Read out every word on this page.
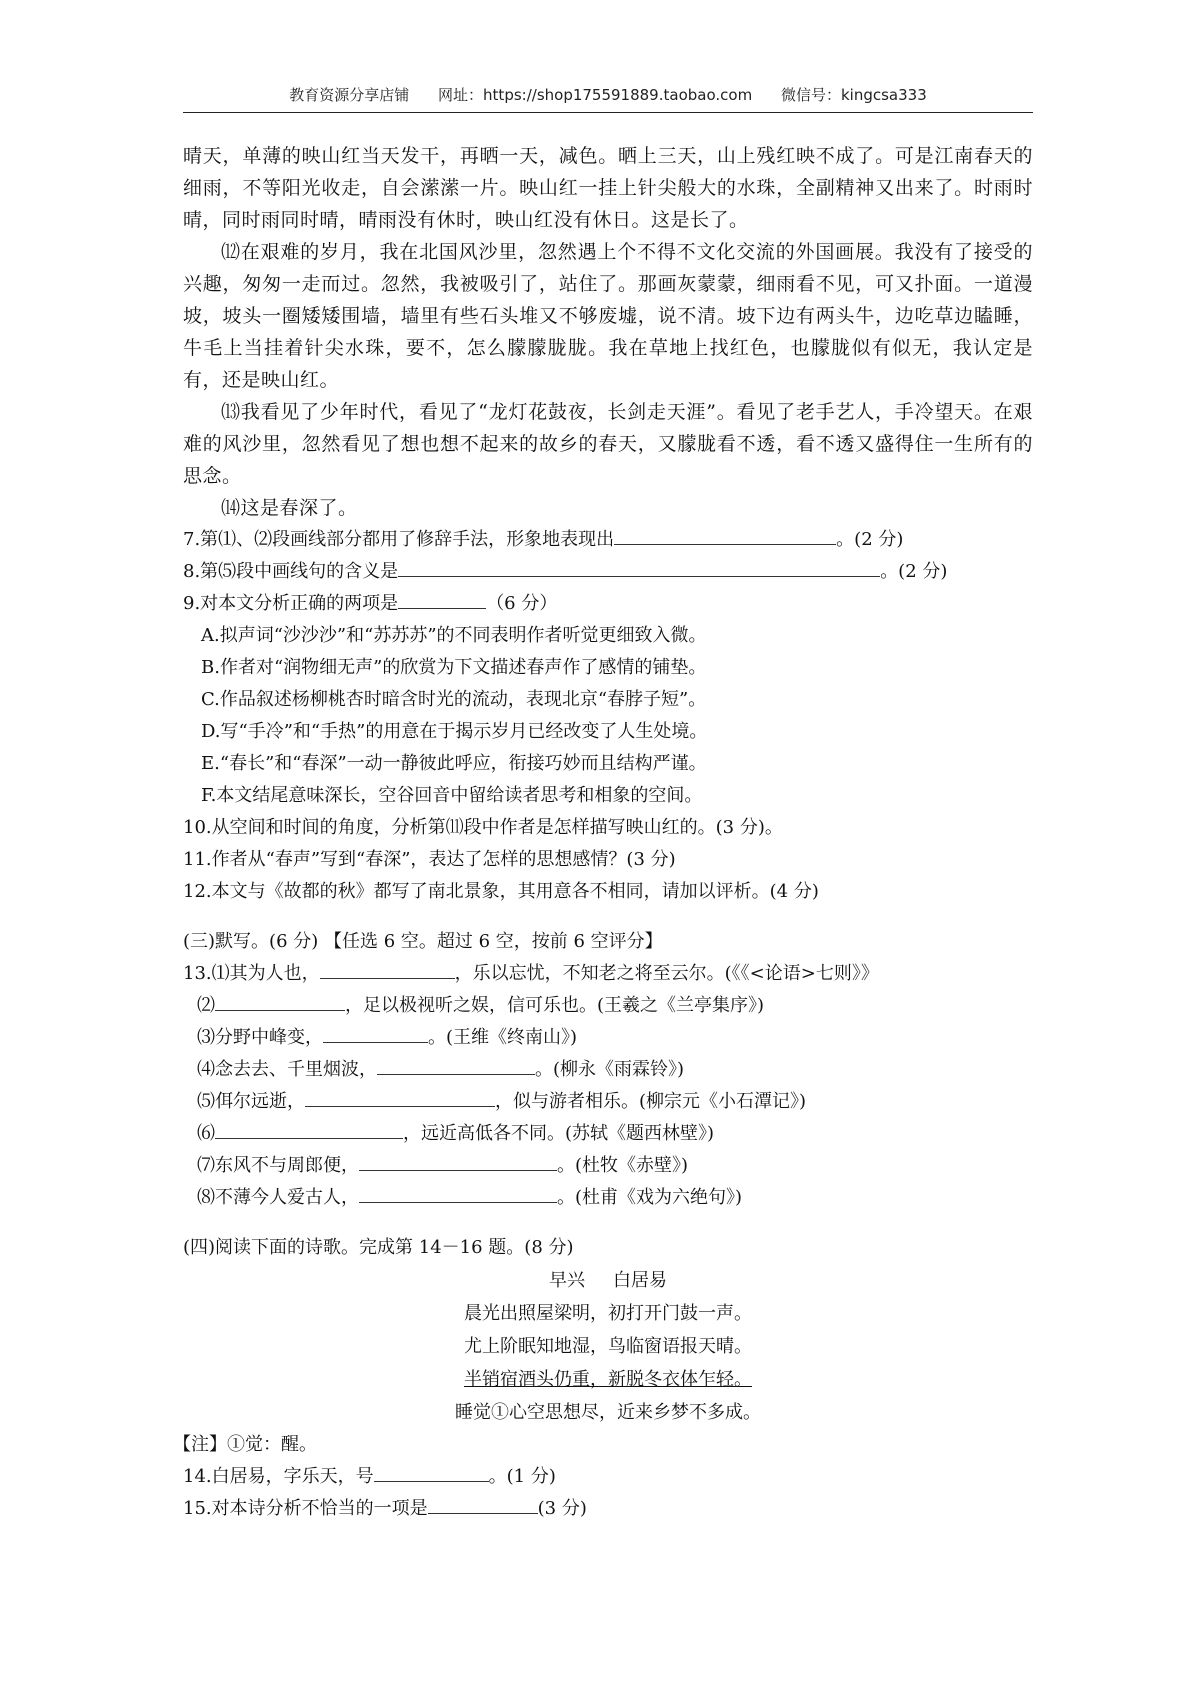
教育资源分享店铺 网址：https://shop175591889.taobao.com 微信号：kingcsa333

晴天，单薄的映山红当天发干，再晒一天，减色。晒上三天，山上残红映不成了。可是江南春天的细雨，不等阳光收走，自会潆潆一片。映山红一挂上针尖般大的水珠，全副精神又出来了。时雨时晴，同时雨同时晴，晴雨没有休时，映山红没有休日。这是长了。

⑿在艰难的岁月，我在北国风沙里，忽然遇上个不得不文化交流的外国画展。我没有了接受的兴趣，匆匆一走而过。忽然，我被吸引了，站住了。那画灰蒙蒙，细雨看不见，可又扑面。一道漫坡，坡头一圈矮矮围墙，墙里有些石头堆又不够废墟，说不清。坡下边有两头牛，边吃草边瞌睡，牛毛上当挂着针尖水珠，要不，怎么朦朦胧胧。我在草地上找红色，也朦胧似有似无，我认定是有，还是映山红。

⒀我看见了少年时代，看见了“龙灯花鼓夜，长剑走天涯”。看见了老手艺人，手冷望天。在艰难的风沙里，忽然看见了想也想不起来的故乡的春天，又朦胧看不透，看不透又盛得住一生所有的思念。

⒁这是春深了。

7.第⑴、⑵段画线部分都用了修辞手法，形象地表现出	。(2 分)

8.第⑸段中画线句的含义是	。(2 分)

9.对本文分析正确的两项是	（6 分）

A.拟声词“沙沙沙”和“苏苏苏”的不同表明作者听觉更细致入微。

B.作者对“润物细无声”的欣赏为下文描述春声作了感情的铺垫。

C.作品叙述杨柳桃杏时暗含时光的流动，表现北京“春脖子短”。

D.写“手冷”和“手热”的用意在于揭示岁月已经改变了人生处境。

E.“春长”和“春深”一动一静彼此呼应，衔接巧妙而且结构严谨。

F.本文结尾意味深长，空谷回音中留给读者思考和相象的空间。

10.从空间和时间的角度，分析第⑾段中作者是怎样描写映山红的。(3 分)。

11.作者从“春声”写到“春深”，表达了怎样的思想感情？(3 分)

12.本文与《故都的秋》都写了南北景象，其用意各不相同，请加以评析。(4 分)

(三)默写。(6 分) 【任选 6 空。超过 6 空，按前 6 空评分】

13.⑴其为人也，	，乐以忘忧，不知老之将至云尔。(《《<论语>七则》》

⑵	，足以极视听之娱，信可乐也。(王羲之《兰亭集序》)

⑶分野中峰变，	。(王维《终南山》)

⑷念去去、千里烟波，	。(柳永《雨霖铃》)

⑸佴尔远逝，	，似与游者相乐。(柳宗元《小石潭记》)

⑹	，远近高低各不同。(苏轼《题西林壁》)

⑺东风不与周郎便，	。(杜牧《赤壁》)

⑻不薄今人爱古人，	。(杜甫《戏为六绝句》)

(四)阅读下面的诗歌。完成第 14－16 题。(8 分)

早兴 白居易

晨光出照屋梁明，初打开门鼓一声。

尤上阶眠知地湿，鸟临窗语报天晴。

半销宿酒头仍重，新脱冬衣体乍轻。

睡觉①心空思想尽，近来乡梦不多成。

【注】①觉：醒。

14.白居易，字乐天，号	。(1 分)

15.对本诗分析不恰当的一项是	(3 分)
